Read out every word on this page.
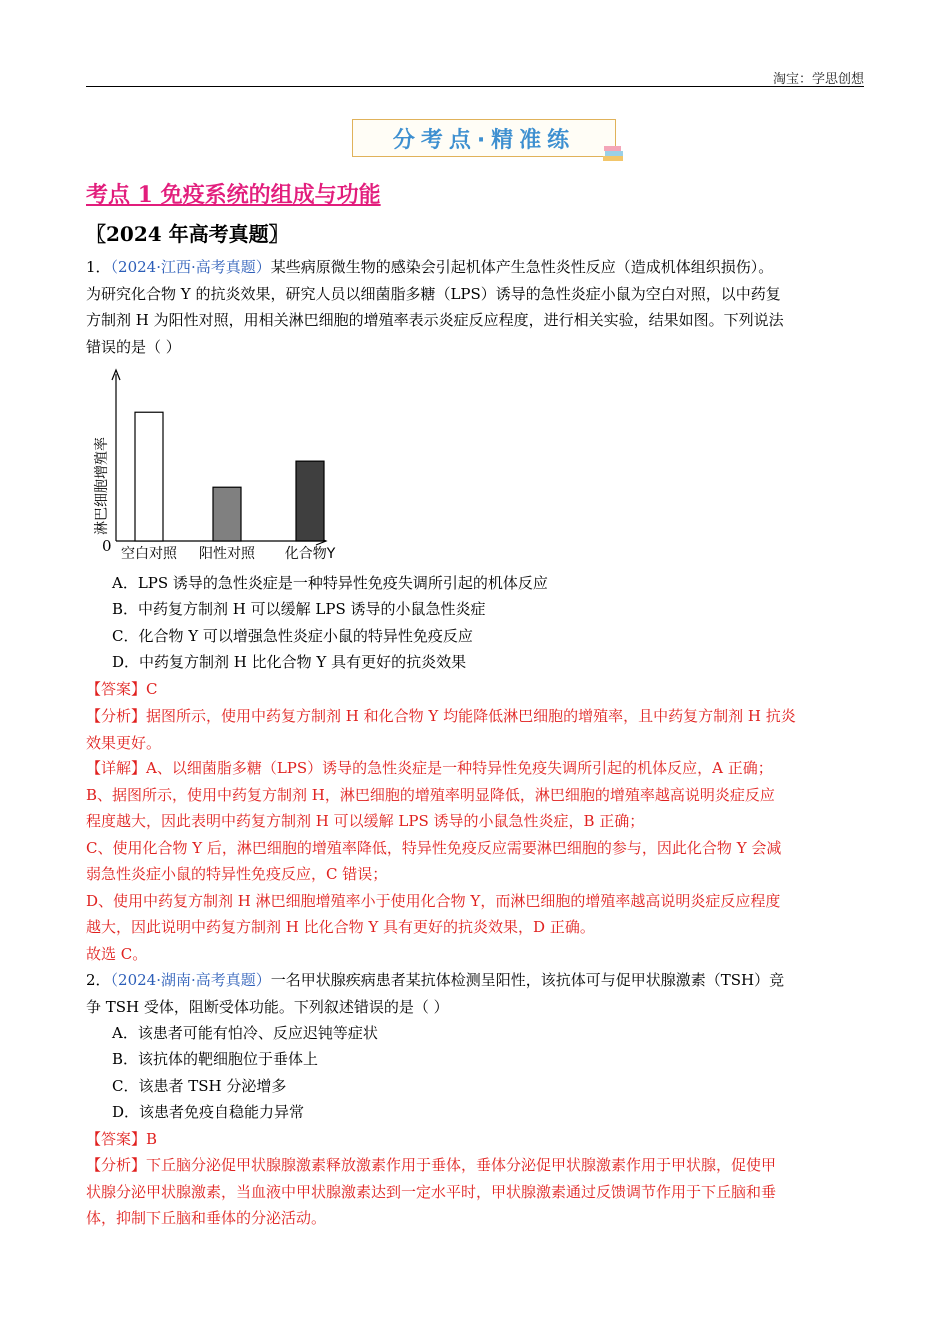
淘宝：学思创想
分考点·精准练
考点 1 免疫系统的组成与功能
〖2024 年高考真题〗
1．（2024·江西·高考真题）某些病原微生物的感染会引起机体产生急性炎性反应（造成机体组织损伤）。
为研究化合物 Y 的抗炎效果，研究人员以细菌脂多糖（LPS）诱导的急性炎症小鼠为空白对照，以中药复
方制剂 H 为阳性对照，用相关淋巴细胞的增殖率表示炎症反应程度，进行相关实验，结果如图。下列说法
错误的是（ ）
0
淋巴细胞增殖率
空白对照 阳性对照 化合物Y
A．LPS 诱导的急性炎症是一种特异性免疫失调所引起的机体反应
B．中药复方制剂 H 可以缓解 LPS 诱导的小鼠急性炎症
C．化合物 Y 可以增强急性炎症小鼠的特异性免疫反应
D．中药复方制剂 H 比化合物 Y 具有更好的抗炎效果
【答案】C
【分析】据图所示，使用中药复方制剂 H 和化合物 Y 均能降低淋巴细胞的增殖率，且中药复方制剂 H 抗炎
效果更好。
【详解】A、以细菌脂多糖（LPS）诱导的急性炎症是一种特异性免疫失调所引起的机体反应，A 正确；
B、据图所示，使用中药复方制剂 H，淋巴细胞的增殖率明显降低，淋巴细胞的增殖率越高说明炎症反应
程度越大，因此表明中药复方制剂 H 可以缓解 LPS 诱导的小鼠急性炎症，B 正确；
C、使用化合物 Y 后，淋巴细胞的增殖率降低，特异性免疫反应需要淋巴细胞的参与，因此化合物 Y 会减
弱急性炎症小鼠的特异性免疫反应，C 错误；
D、使用中药复方制剂 H 淋巴细胞增殖率小于使用化合物 Y，而淋巴细胞的增殖率越高说明炎症反应程度
越大，因此说明中药复方制剂 H 比化合物 Y 具有更好的抗炎效果，D 正确。
故选 C。
2．（2024·湖南·高考真题）一名甲状腺疾病患者某抗体检测呈阳性，该抗体可与促甲状腺激素（TSH）竞
争 TSH 受体，阻断受体功能。下列叙述错误的是（ ）
A．该患者可能有怕冷、反应迟钝等症状
B．该抗体的靶细胞位于垂体上
C．该患者 TSH 分泌增多
D．该患者免疫自稳能力异常
【答案】B
【分析】下丘脑分泌促甲状腺腺激素释放激素作用于垂体，垂体分泌促甲状腺激素作用于甲状腺，促使甲
状腺分泌甲状腺激素，当血液中甲状腺激素达到一定水平时，甲状腺激素通过反馈调节作用于下丘脑和垂
体，抑制下丘脑和垂体的分泌活动。
